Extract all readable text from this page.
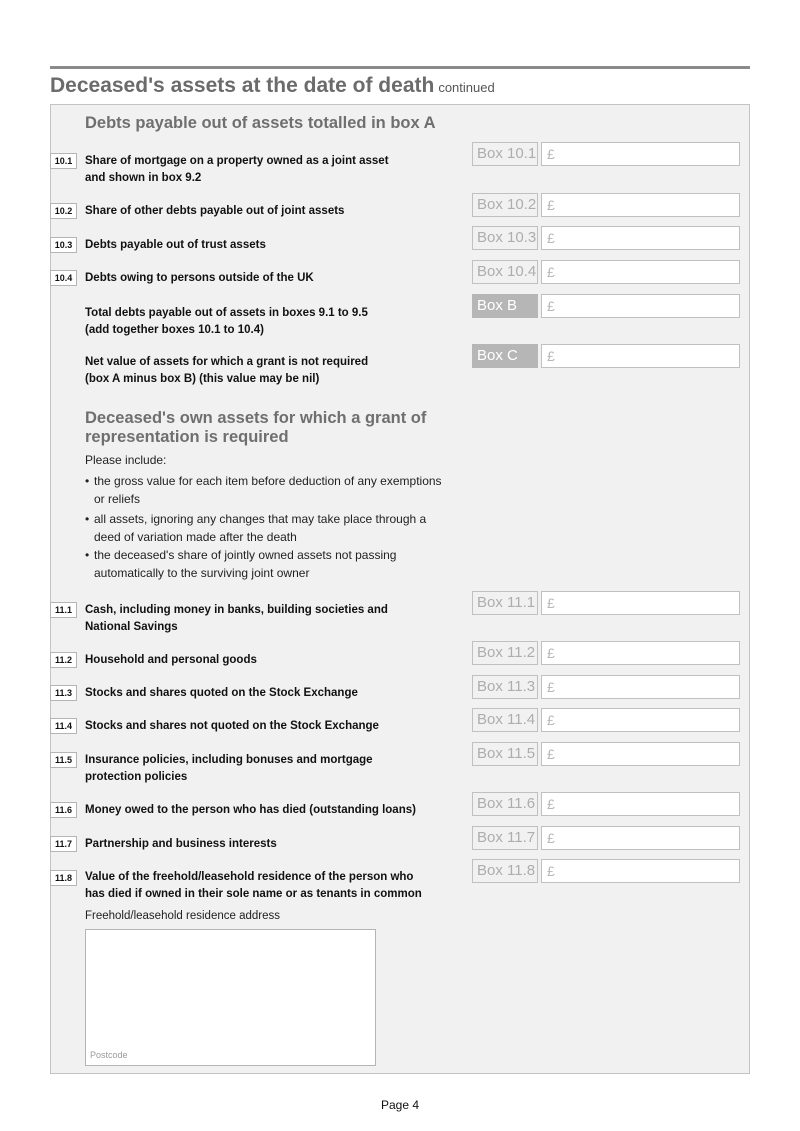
Deceased's assets at the date of death continued
Debts payable out of assets totalled in box A
10.1	Share of mortgage on a property owned as a joint asset
and shown in box 9.2
Box 10.1 £
10.2	Share of other debts payable out of joint assets	Box 10.2 £
10.3	Debts payable out of trust assets	Box 10.3 £
10.4	Debts owing to persons outside of the UK	Box 10.4 £
Total debts payable out of assets in boxes 9.1 to 9.5
(add together boxes 10.1 to 10.4)
Box B	£
Net value of assets for which a grant is not required
(box A minus box B) (this value may be nil)
Box C	£
Deceased's own assets for which a grant of
representation is required
Please include:
• the gross value for each item before deduction of any exemptions
or reliefs
• all assets, ignoring any changes that may take place through a
deed of variation made after the death
• the deceased's share of jointly owned assets not passing
automatically to the surviving joint owner
11.1	Cash, including money in banks, building societies and
National Savings
Box 11.1 £
11.2	Household and personal goods	Box 11.2 £
11.3	Stocks and shares quoted on the Stock Exchange	Box 11.3 £
11.4	Stocks and shares not quoted on the Stock Exchange	Box 11.4 £
11.5	Insurance policies, including bonuses and mortgage
protection policies
Box 11.5 £
11.6	Money owed to the person who has died (outstanding loans)	Box 11.6 £
11.7	Partnership and business interests	Box 11.7 £
11.8	Value of the freehold/leasehold residence of the person who
has died if owned in their sole name or as tenants in common
Box 11.8 £
Freehold/leasehold residence address
Postcode
Page 4
